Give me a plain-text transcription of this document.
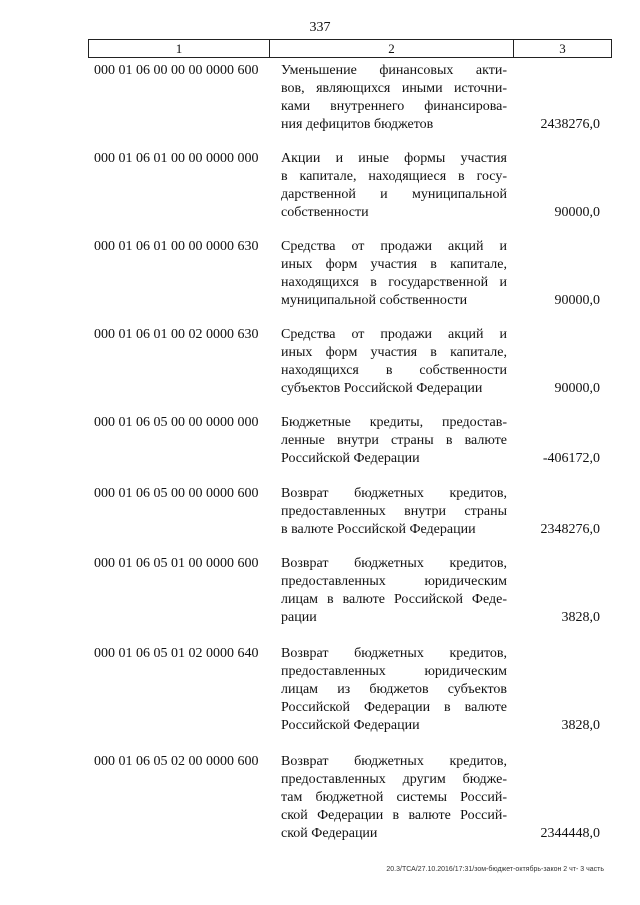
337
1	2	3
000 01 06 00 00 00 0000 600 Уменьшение финансовых акти-
вов, являющихся иными источни-
ками внутреннего финансирова-
ния дефицитов бюджетов	2438276,0
000 01 06 01 00 00 0000 000 Акции и иные формы участия
в капитале, находящиеся в госу-
дарственной и муниципальной
собственности	90000,0
000 01 06 01 00 00 0000 630 Средства от продажи акций и
иных форм участия в капитале,
находящихся в государственной и
муниципальной собственности	90000,0
000 01 06 01 00 02 0000 630 Средства от продажи акций и
иных форм участия в капитале,
находящихся в собственности
субъектов Российской Федерации	90000,0
000 01 06 05 00 00 0000 000 Бюджетные кредиты, предостав-
ленные внутри страны в валюте
Российской Федерации	-406172,0
000 01 06 05 00 00 0000 600 Возврат бюджетных кредитов,
предоставленных внутри страны
в валюте Российской Федерации	2348276,0
000 01 06 05 01 00 0000 600 Возврат бюджетных кредитов,
предоставленных юридическим
лицам в валюте Российской Феде-
рации	3828,0
000 01 06 05 01 02 0000 640 Возврат бюджетных кредитов,
предоставленных юридическим
лицам из бюджетов субъектов
Российской Федерации в валюте
Российской Федерации	3828,0
000 01 06 05 02 00 0000 600 Возврат бюджетных кредитов,
предоставленных другим бюдже-
там бюджетной системы Россий-
ской Федерации в валюте Россий-
ской Федерации	2344448,0
20.3/ТСА/27.10.2016/17:31/зом-бюджет-октябрь-закон 2 чт- 3 часть
